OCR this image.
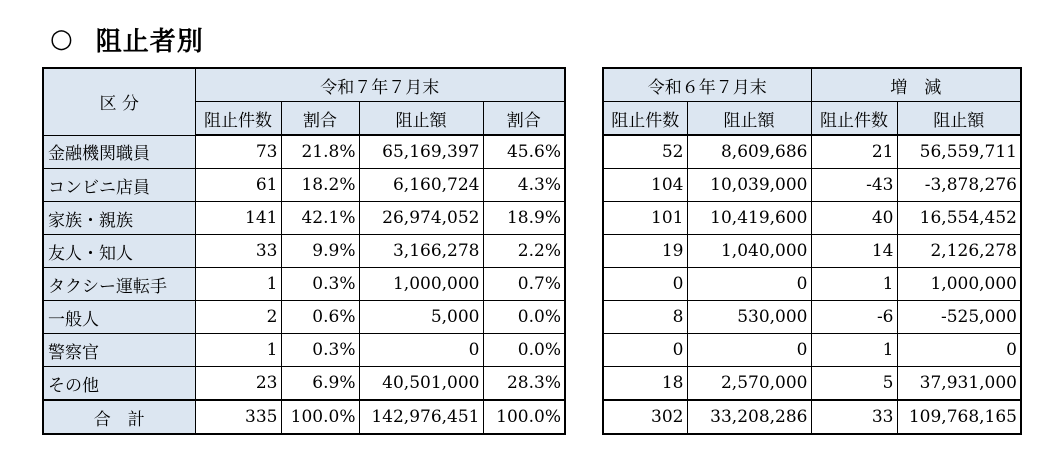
○ 阻止者別
区 分	令和７年７月末			
	阻止件数	割合	阻止額	割合
金融機関職員	73	21.8%	65,169,397	45.6%
コンビニ店員	61	18.2%	6,160,724	4.3%
家族・親族	141	42.1%	26,974,052	18.9%
友人・知人	33	9.9%	3,166,278	2.2%
タクシー運転手	1	0.3%	1,000,000	0.7%
一般人	2	0.6%	5,000	0.0%
警察官	1	0.3%	0	0.0%
その他	23	6.9%	40,501,000	28.3%
合　計	335	100.0%	142,976,451	100.0%
令和６年７月末		増　減	
阻止件数	阻止額	阻止件数	阻止額
52	8,609,686	21	56,559,711
104	10,039,000	-43	-3,878,276
101	10,419,600	40	16,554,452
19	1,040,000	14	2,126,278
0	0	1	1,000,000
8	530,000	-6	-525,000
0	0	1	0
18	2,570,000	5	37,931,000
302	33,208,286	33	109,768,165
